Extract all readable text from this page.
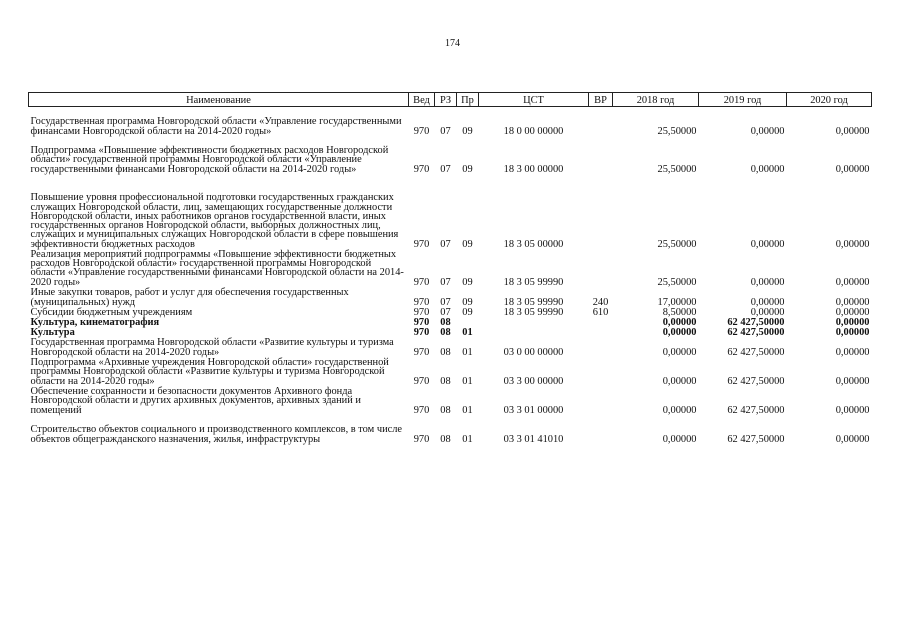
174
Наименование	Вед	РЗ	Пр	ЦСТ	ВР	2018 год	2019 год	2020 год
Государственная программа Новгородской области «Управление государственными финансами Новгородской области на 2014-2020 годы»	970	07	09	18 0 00 00000		25,50000	0,00000	0,00000
Подпрограмма «Повышение эффективности бюджетных расходов Новгородской области» государственной программы Новгородской области «Управление государственными финансами Новгородской области на 2014-2020 годы»	970	07	09	18 3 00 00000		25,50000	0,00000	0,00000
Повышение уровня профессиональной подготовки государственных гражданских служащих Новгородской области, лиц, замещающих государственные должности Новгородской области, иных работников органов государственной власти, иных государственных органов Новгородской области, выборных должностных лиц, служащих и муниципальных служащих Новгородской области в сфере повышения эффективности бюджетных расходов	970	07	09	18 3 05 00000		25,50000	0,00000	0,00000
Реализация мероприятий подпрограммы «Повышение эффективности бюджетных расходов Новгородской области» государственной программы Новгородской области «Управление государственными финансами Новгородской области на 2014-2020 годы»	970	07	09	18 3 05 99990		25,50000	0,00000	0,00000
Иные закупки товаров, работ и услуг для обеспечения государственных (муниципальных) нужд	970	07	09	18 3 05 99990	240	17,00000	0,00000	0,00000
Субсидии бюджетным учреждениям	970	07	09	18 3 05 99990	610	8,50000	0,00000	0,00000
Культура, кинематография	970	08				0,00000	62 427,50000	0,00000
Культура	970	08	01			0,00000	62 427,50000	0,00000
Государственная программа Новгородской области «Развитие культуры и туризма Новгородской области на 2014-2020 годы»	970	08	01	03 0 00 00000		0,00000	62 427,50000	0,00000
Подпрограмма «Архивные учреждения Новгородской области» государственной программы Новгородской области «Развитие культуры и туризма Новгородской области на 2014-2020 годы»	970	08	01	03 3 00 00000		0,00000	62 427,50000	0,00000
Обеспечение сохранности и безопасности документов Архивного фонда Новгородской области и других архивных документов, архивных зданий и помещений	970	08	01	03 3 01 00000		0,00000	62 427,50000	0,00000
Строительство объектов социального и производственного комплексов, в том числе объектов общегражданского назначения, жилья, инфраструктуры	970	08	01	03 3 01 41010		0,00000	62 427,50000	0,00000
